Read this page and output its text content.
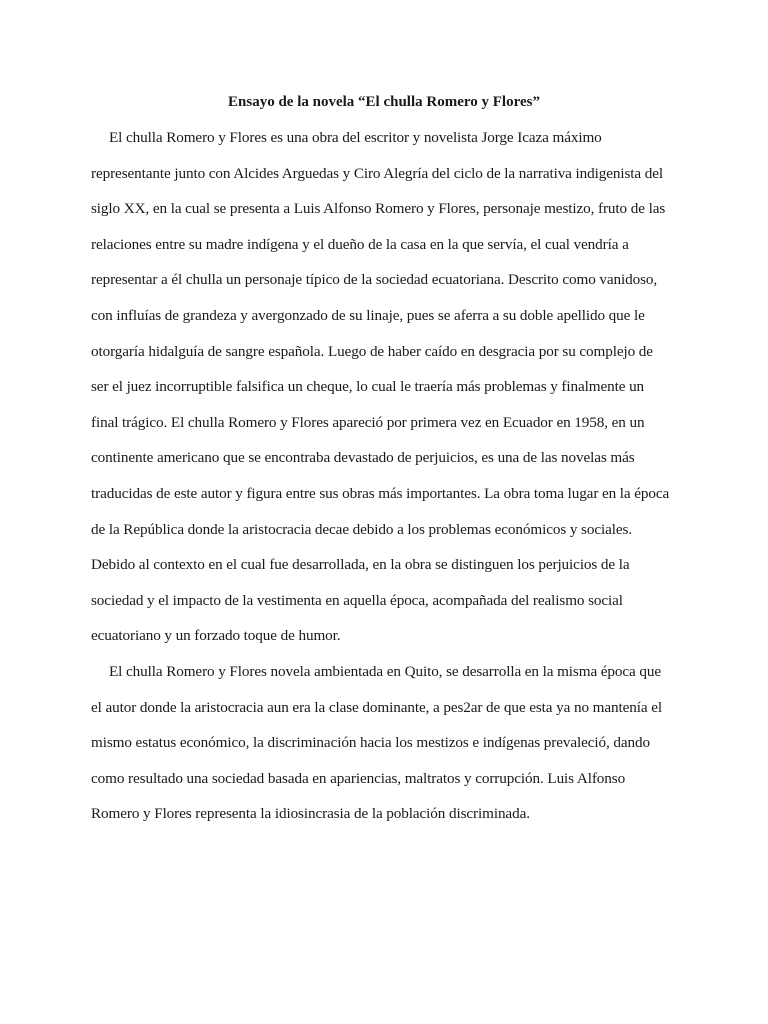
Ensayo de la novela “El chulla Romero y Flores”
El chulla Romero y Flores es una obra del escritor y novelista Jorge Icaza máximo
representante junto con Alcides Arguedas y Ciro Alegría del ciclo de la narrativa indigenista del
siglo XX, en la cual se presenta a Luis Alfonso Romero y Flores, personaje mestizo, fruto de las
relaciones entre su madre indígena y el dueño de la casa en la que servía, el cual vendría a
representar a él chulla un personaje típico de la sociedad ecuatoriana. Descrito como vanidoso,
con influías de grandeza y avergonzado de su linaje, pues se aferra a su doble apellido que le
otorgaría hidalguía de sangre española. Luego de haber caído en desgracia por su complejo de
ser el juez incorruptible falsifica un cheque, lo cual le traería más problemas y finalmente un
final trágico. El chulla Romero y Flores apareció por primera vez en Ecuador en 1958, en un
continente americano que se encontraba devastado de perjuicios, es una de las novelas más
traducidas de este autor y figura entre sus obras más importantes. La obra toma lugar en la época
de la República donde la aristocracia decae debido a los problemas económicos y sociales.
Debido al contexto en el cual fue desarrollada, en la obra se distinguen los perjuicios de la
sociedad y el impacto de la vestimenta en aquella época, acompañada del realismo social
ecuatoriano y un forzado toque de humor.
El chulla Romero y Flores novela ambientada en Quito, se desarrolla en la misma época que
el autor donde la aristocracia aun era la clase dominante, a pes2ar de que esta ya no mantenía el
mismo estatus económico, la discriminación hacia los mestizos e indígenas prevaleció, dando
como resultado una sociedad basada en apariencias, maltratos y corrupción. Luis Alfonso
Romero y Flores representa la idiosincrasia de la población discriminada.
